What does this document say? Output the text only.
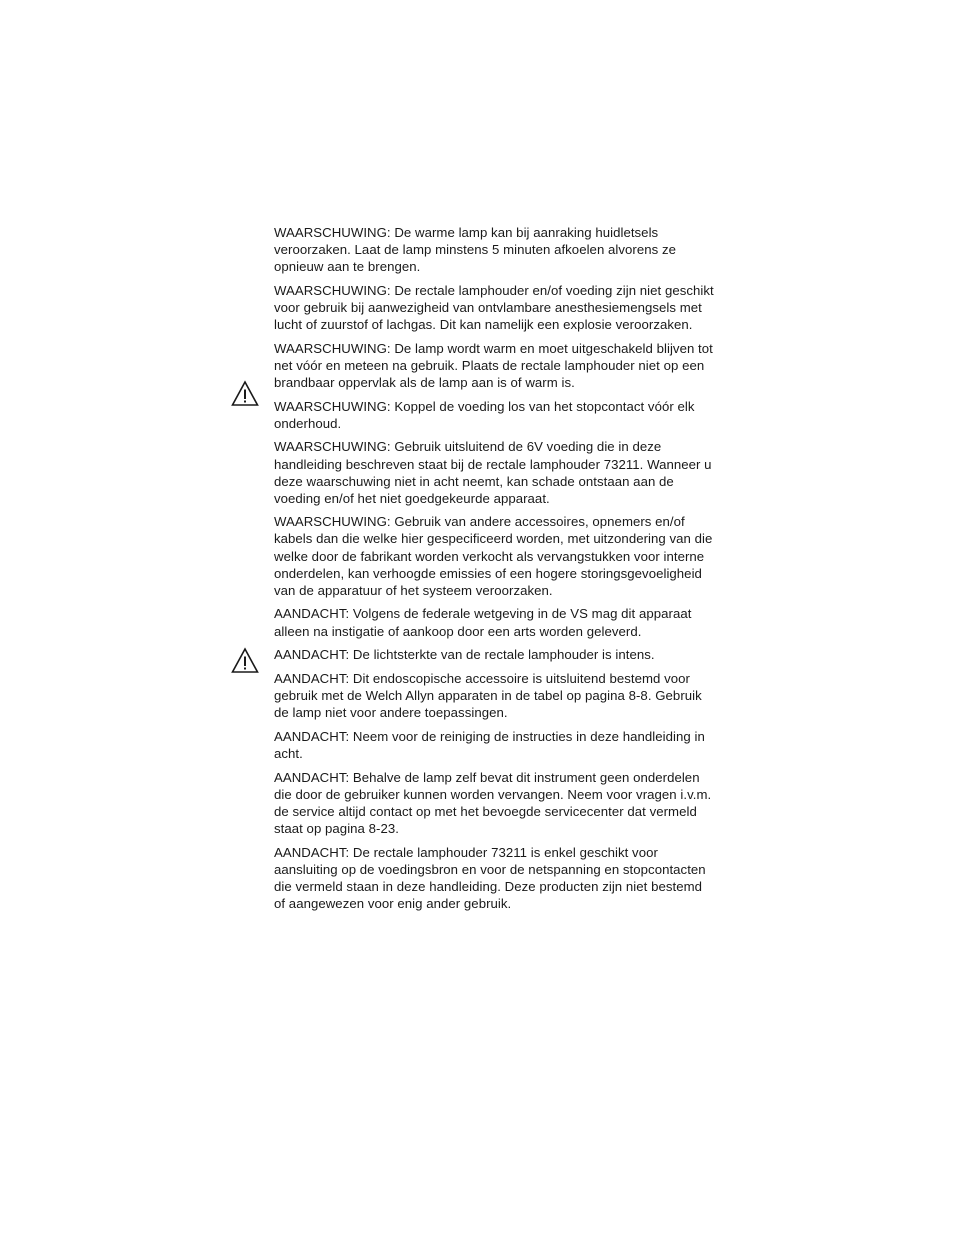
WAARSCHUWING: De warme lamp kan bij aanraking huidletsels veroorzaken. Laat de lamp minstens 5 minuten afkoelen alvorens ze opnieuw aan te brengen.

WAARSCHUWING: De rectale lamphouder en/of voeding zijn niet geschikt voor gebruik bij aanwezigheid van ontvlambare anesthesiemengsels met lucht of zuurstof of lachgas. Dit kan namelijk een explosie veroorzaken.

WAARSCHUWING: De lamp wordt warm en moet uitgeschakeld blijven tot net vóór en meteen na gebruik. Plaats de rectale lamphouder niet op een brandbaar oppervlak als de lamp aan is of warm is.

WAARSCHUWING: Koppel de voeding los van het stopcontact vóór elk onderhoud.

WAARSCHUWING: Gebruik uitsluitend de 6V voeding die in deze handleiding beschreven staat bij de rectale lamphouder 73211. Wanneer u deze waarschuwing niet in acht neemt, kan schade ontstaan aan de voeding en/of het niet goedgekeurde apparaat.

WAARSCHUWING: Gebruik van andere accessoires, opnemers en/of kabels dan die welke hier gespecificeerd worden, met uitzondering van die welke door de fabrikant worden verkocht als vervangstukken voor interne onderdelen, kan verhoogde emissies of een hogere storingsgevoeligheid van de apparatuur of het systeem veroorzaken.

AANDACHT: Volgens de federale wetgeving in de VS mag dit apparaat alleen na instigatie of aankoop door een arts worden geleverd.

AANDACHT: De lichtsterkte van de rectale lamphouder is intens.

AANDACHT: Dit endoscopische accessoire is uitsluitend bestemd voor gebruik met de Welch Allyn apparaten in de tabel op pagina 8-8. Gebruik de lamp niet voor andere toepassingen.

AANDACHT: Neem voor de reiniging de instructies in deze handleiding in acht.

AANDACHT: Behalve de lamp zelf bevat dit instrument geen onderdelen die door de gebruiker kunnen worden vervangen. Neem voor vragen i.v.m. de service altijd contact op met het bevoegde servicecenter dat vermeld staat op pagina 8-23.

AANDACHT: De rectale lamphouder 73211 is enkel geschikt voor aansluiting op de voedingsbron en voor de netspanning en stopcontacten die vermeld staan in deze handleiding. Deze producten zijn niet bestemd of aangewezen voor enig ander gebruik.
